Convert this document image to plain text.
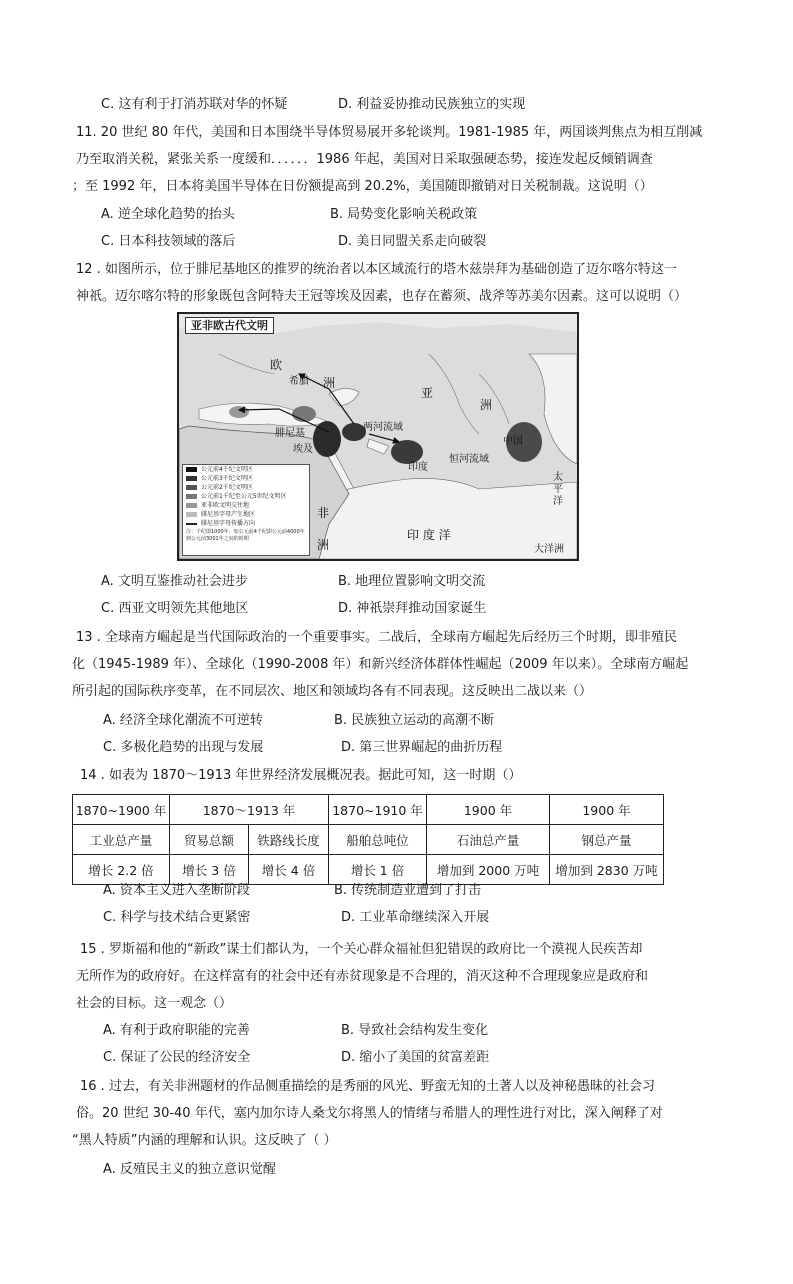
C. 这有利于打消苏联对华的怀疑	D. 利益妥协推动民族独立的实现
11. 20 世纪 80 年代，美国和日本围绕半导体贸易展开多轮谈判。1981-1985 年，两国谈判焦点为相互削减
乃至取消关税，紧张关系一度缓和．．．．．．1986 年起，美国对日采取强硬态势，接连发起反倾销调查
；至 1992 年，日本将美国半导体在日份额提高到 20.2%，美国随即撤销对日关税制裁。这说明（）
A. 逆全球化趋势的抬头	B. 局势变化影响关税政策
C. 日本科技领域的落后	D. 美日同盟关系走向破裂
12 . 如图所示，位于腓尼基地区的推罗的统治者以本区域流行的塔木兹崇拜为基础创造了迈尔喀尔特这一
神祇。迈尔喀尔特的形象既包含阿特夫王冠等埃及因素，也存在蓄须、战斧等苏美尔因素。这可以说明（）
亚非欧古代文明
欧
洲
希腊
亚
洲
两河流域
腓尼基
中国
印度
恒河流域
埃及
非
洲
印 度 洋
太平洋
大洋洲
公元前4千纪文明区
公元前3千纪文明区
公元前2千纪文明区
公元前1千纪至公元5世纪文明区
亚非欧文明交往地
腓尼基字母产生地区
腓尼基字母传播方向
注：千纪即1000年，如公元前4千纪即公元前4000年到公元前3001年之间的时期
A. 文明互鉴推动社会进步	B. 地理位置影响文明交流
C. 西亚文明领先其他地区	D. 神祇崇拜推动国家诞生
13 . 全球南方崛起是当代国际政治的一个重要事实。二战后，全球南方崛起先后经历三个时期，即非殖民
化（1945-1989 年）、全球化（1990-2008 年）和新兴经济体群体性崛起（2009 年以来）。全球南方崛起
所引起的国际秩序变革，在不同层次、地区和领域均各有不同表现。这反映出二战以来（）
A. 经济全球化潮流不可逆转	B. 民族独立运动的高潮不断
C. 多极化趋势的出现与发展	D. 第三世界崛起的曲折历程
14 . 如表为 1870～1913 年世界经济发展概况表。据此可知，这一时期（）
1870~1900 年	1870～1913 年		1870~1910 年	1900 年	1900 年
工业总产量	贸易总额	铁路线长度	船舶总吨位	石油总产量	钢总产量
增长 2.2 倍	增长 3 倍	增长 4 倍	增长 1 倍	增加到 2000 万吨	增加到 2830 万吨
A. 资本主义进入垄断阶段	B. 传统制造业遭到了打击
C. 科学与技术结合更紧密	D. 工业革命继续深入开展
15 . 罗斯福和他的“新政”谋士们都认为，一个关心群众福祉但犯错误的政府比一个漠视人民疾苦却
无所作为的政府好。在这样富有的社会中还有赤贫现象是不合理的，消灭这种不合理现象应是政府和
社会的目标。这一观念（）
A. 有利于政府职能的完善	B. 导致社会结构发生变化
C. 保证了公民的经济安全	D. 缩小了美国的贫富差距
16 . 过去，有关非洲题材的作品侧重描绘的是秀丽的风光、野蛮无知的土著人以及神秘愚昧的社会习
俗。20 世纪 30-40 年代，塞内加尔诗人桑戈尔将黑人的情绪与希腊人的理性进行对比，深入阐释了对
“黑人特质”内涵的理解和认识。这反映了（ ）
A. 反殖民主义的独立意识觉醒
